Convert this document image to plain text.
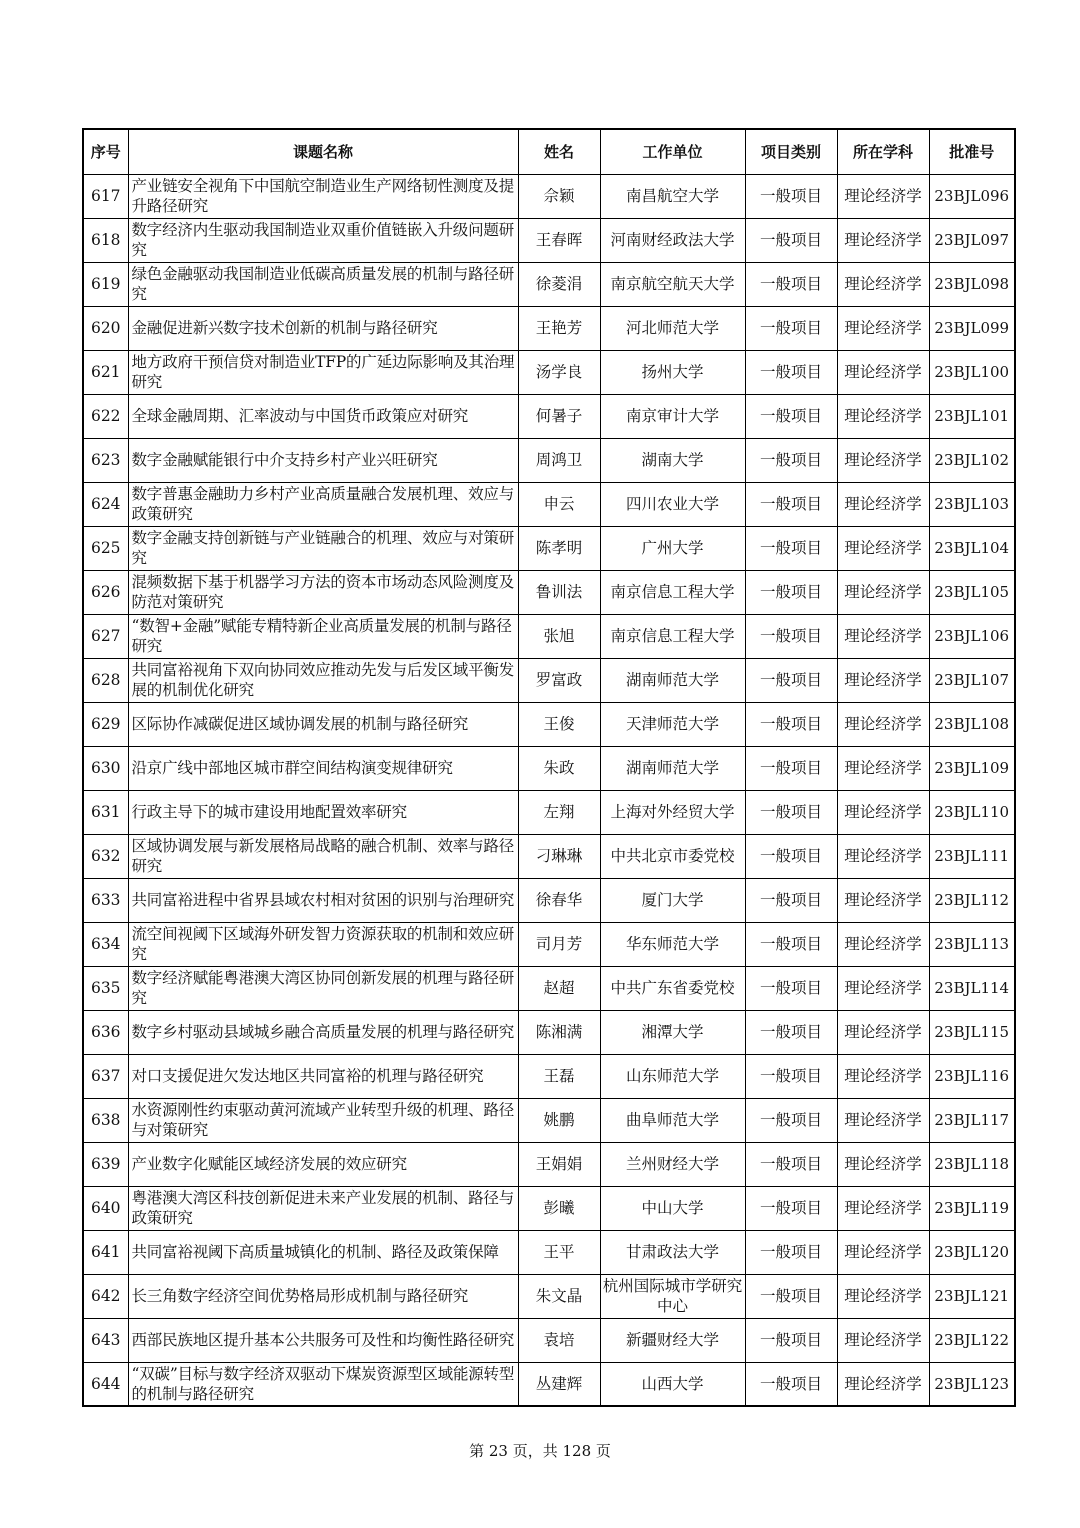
序号	课题名称	姓名	工作单位	项目类别	所在学科	批准号
617	产业链安全视角下中国航空制造业生产网络韧性测度及提升路径研究	佘颖	南昌航空大学	一般项目	理论经济学	23BJL096
618	数字经济内生驱动我国制造业双重价值链嵌入升级问题研究	王春晖	河南财经政法大学	一般项目	理论经济学	23BJL097
619	绿色金融驱动我国制造业低碳高质量发展的机制与路径研究	徐菱涓	南京航空航天大学	一般项目	理论经济学	23BJL098
620	金融促进新兴数字技术创新的机制与路径研究	王艳芳	河北师范大学	一般项目	理论经济学	23BJL099
621	地方政府干预信贷对制造业TFP的广延边际影响及其治理研究	汤学良	扬州大学	一般项目	理论经济学	23BJL100
622	全球金融周期、汇率波动与中国货币政策应对研究	何暑子	南京审计大学	一般项目	理论经济学	23BJL101
623	数字金融赋能银行中介支持乡村产业兴旺研究	周鸿卫	湖南大学	一般项目	理论经济学	23BJL102
624	数字普惠金融助力乡村产业高质量融合发展机理、效应与政策研究	申云	四川农业大学	一般项目	理论经济学	23BJL103
625	数字金融支持创新链与产业链融合的机理、效应与对策研究	陈孝明	广州大学	一般项目	理论经济学	23BJL104
626	混频数据下基于机器学习方法的资本市场动态风险测度及防范对策研究	鲁训法	南京信息工程大学	一般项目	理论经济学	23BJL105
627	“数智+金融”赋能专精特新企业高质量发展的机制与路径研究	张旭	南京信息工程大学	一般项目	理论经济学	23BJL106
628	共同富裕视角下双向协同效应推动先发与后发区域平衡发展的机制优化研究	罗富政	湖南师范大学	一般项目	理论经济学	23BJL107
629	区际协作减碳促进区域协调发展的机制与路径研究	王俊	天津师范大学	一般项目	理论经济学	23BJL108
630	沿京广线中部地区城市群空间结构演变规律研究	朱政	湖南师范大学	一般项目	理论经济学	23BJL109
631	行政主导下的城市建设用地配置效率研究	左翔	上海对外经贸大学	一般项目	理论经济学	23BJL110
632	区域协调发展与新发展格局战略的融合机制、效率与路径研究	刁琳琳	中共北京市委党校	一般项目	理论经济学	23BJL111
633	共同富裕进程中省界县域农村相对贫困的识别与治理研究	徐春华	厦门大学	一般项目	理论经济学	23BJL112
634	流空间视阈下区域海外研发智力资源获取的机制和效应研究	司月芳	华东师范大学	一般项目	理论经济学	23BJL113
635	数字经济赋能粤港澳大湾区协同创新发展的机理与路径研究	赵超	中共广东省委党校	一般项目	理论经济学	23BJL114
636	数字乡村驱动县域城乡融合高质量发展的机理与路径研究	陈湘满	湘潭大学	一般项目	理论经济学	23BJL115
637	对口支援促进欠发达地区共同富裕的机理与路径研究	王磊	山东师范大学	一般项目	理论经济学	23BJL116
638	水资源刚性约束驱动黄河流域产业转型升级的机理、路径与对策研究	姚鹏	曲阜师范大学	一般项目	理论经济学	23BJL117
639	产业数字化赋能区域经济发展的效应研究	王娟娟	兰州财经大学	一般项目	理论经济学	23BJL118
640	粤港澳大湾区科技创新促进未来产业发展的机制、路径与政策研究	彭曦	中山大学	一般项目	理论经济学	23BJL119
641	共同富裕视阈下高质量城镇化的机制、路径及政策保障	王平	甘肃政法大学	一般项目	理论经济学	23BJL120
642	长三角数字经济空间优势格局形成机制与路径研究	朱文晶	杭州国际城市学研究中心	一般项目	理论经济学	23BJL121
643	西部民族地区提升基本公共服务可及性和均衡性路径研究	袁培	新疆财经大学	一般项目	理论经济学	23BJL122
644	“双碳”目标与数字经济双驱动下煤炭资源型区域能源转型的机制与路径研究	丛建辉	山西大学	一般项目	理论经济学	23BJL123
第 23 页，共 128 页
